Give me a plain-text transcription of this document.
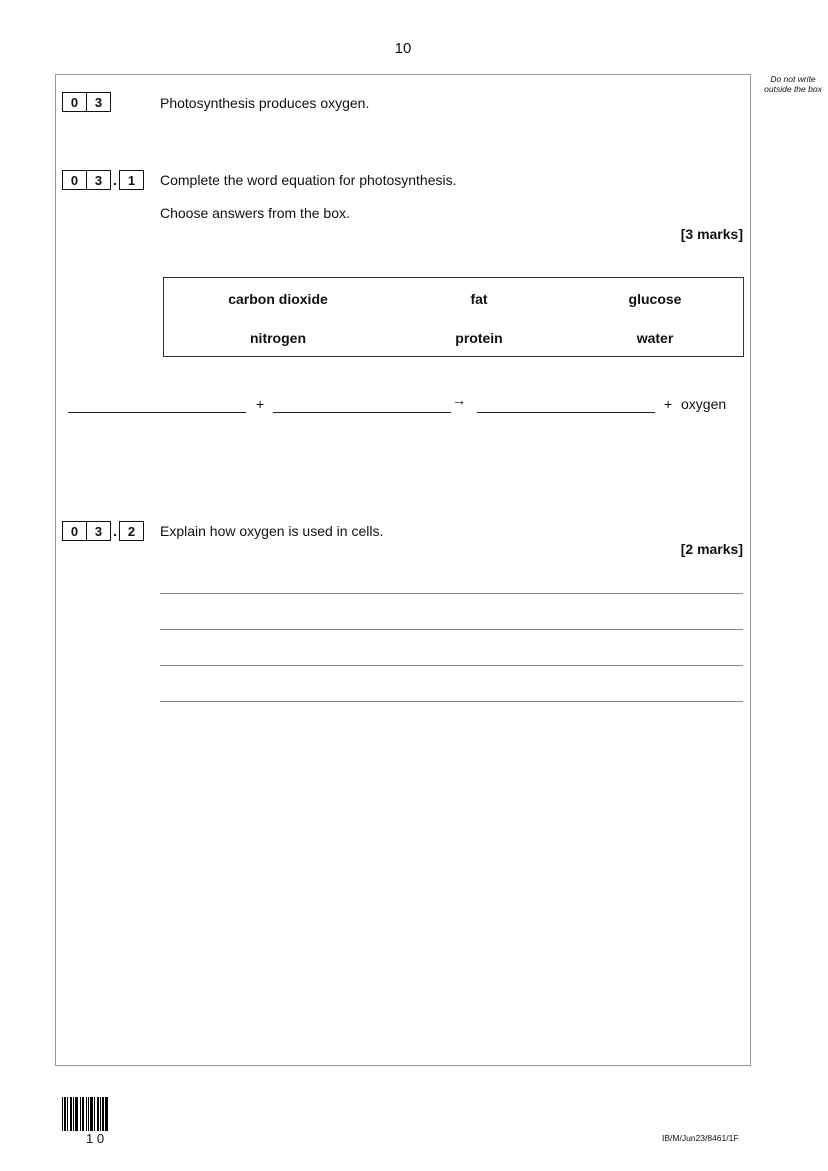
10
Do not write outside the box
0	3	Photosynthesis produces oxygen.
0	3 . 1	Complete the word equation for photosynthesis.
Choose answers from the box.
[3 marks]
carbon dioxide	fat	glucose
nitrogen	protein	water
+	→	+ oxygen
0	3 . 2	Explain how oxygen is used in cells.
[2 marks]
1 0	IB/M/Jun23/8461/1F
